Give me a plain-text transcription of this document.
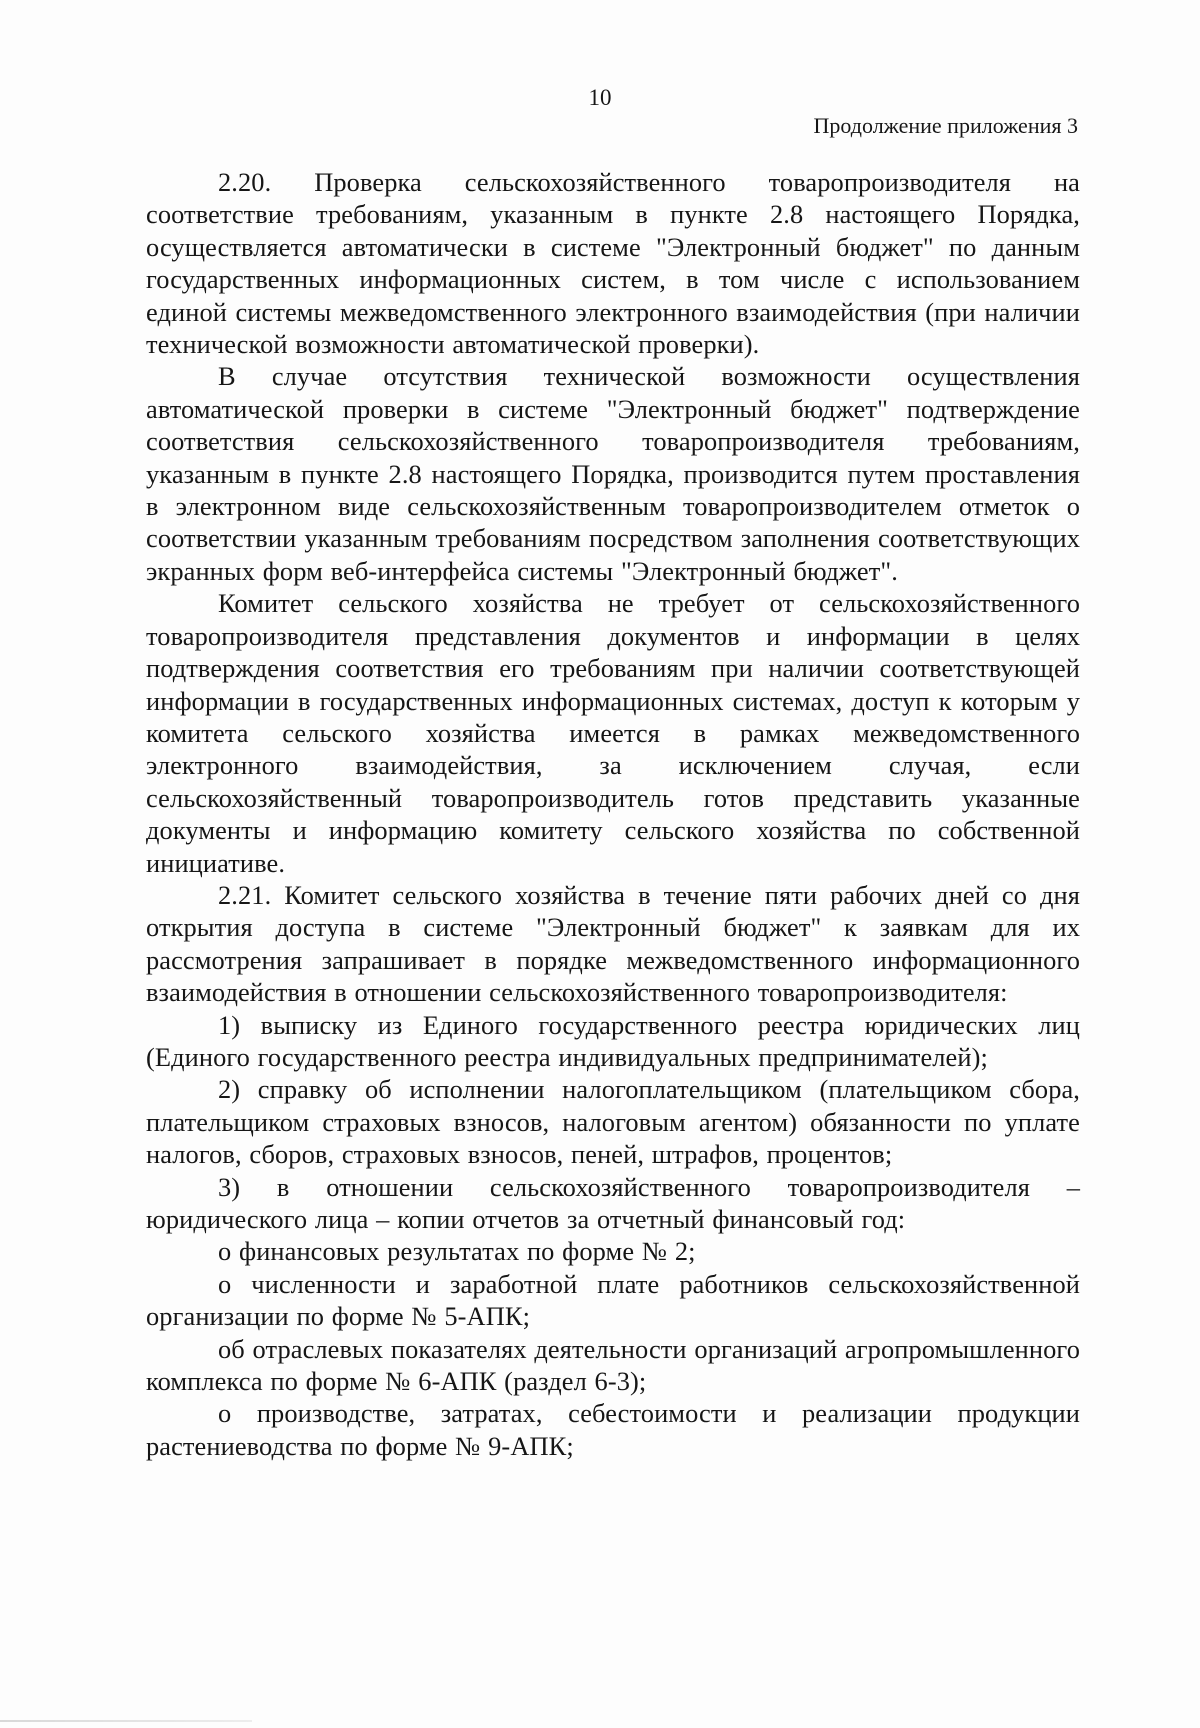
10
Продолжение приложения 3

2.20. Проверка сельскохозяйственного товаропроизводителя на соответствие требованиям, указанным в пункте 2.8 настоящего Порядка, осуществляется автоматически в системе "Электронный бюджет" по данным государственных информационных систем, в том числе с использованием единой системы межведомственного электронного взаимодействия (при наличии технической возможности автоматической проверки).

В случае отсутствия технической возможности осуществления автоматической проверки в системе "Электронный бюджет" подтверждение соответствия сельскохозяйственного товаропроизводителя требованиям, указанным в пункте 2.8 настоящего Порядка, производится путем проставления в электронном виде сельскохозяйственным товаропроизводителем отметок о соответствии указанным требованиям посредством заполнения соответствующих экранных форм веб-интерфейса системы "Электронный бюджет".

Комитет сельского хозяйства не требует от сельскохозяйственного товаропроизводителя представления документов и информации в целях подтверждения соответствия его требованиям при наличии соответствующей информации в государственных информационных системах, доступ к которым у комитета сельского хозяйства имеется в рамках межведомственного электронного взаимодействия, за исключением случая, если сельскохозяйственный товаропроизводитель готов представить указанные документы и информацию комитету сельского хозяйства по собственной инициативе.

2.21. Комитет сельского хозяйства в течение пяти рабочих дней со дня открытия доступа в системе "Электронный бюджет" к заявкам для их рассмотрения запрашивает в порядке межведомственного информационного взаимодействия в отношении сельскохозяйственного товаропроизводителя:

1) выписку из Единого государственного реестра юридических лиц (Единого государственного реестра индивидуальных предпринимателей);

2) справку об исполнении налогоплательщиком (плательщиком сбора, плательщиком страховых взносов, налоговым агентом) обязанности по уплате налогов, сборов, страховых взносов, пеней, штрафов, процентов;

3) в отношении сельскохозяйственного товаропроизводителя – юридического лица – копии отчетов за отчетный финансовый год:

о финансовых результатах по форме № 2;

о численности и заработной плате работников сельскохозяйственной организации по форме № 5-АПК;

об отраслевых показателях деятельности организаций агропромышленного комплекса по форме № 6-АПК (раздел 6-3);

о производстве, затратах, себестоимости и реализации продукции растениеводства по форме № 9-АПК;
